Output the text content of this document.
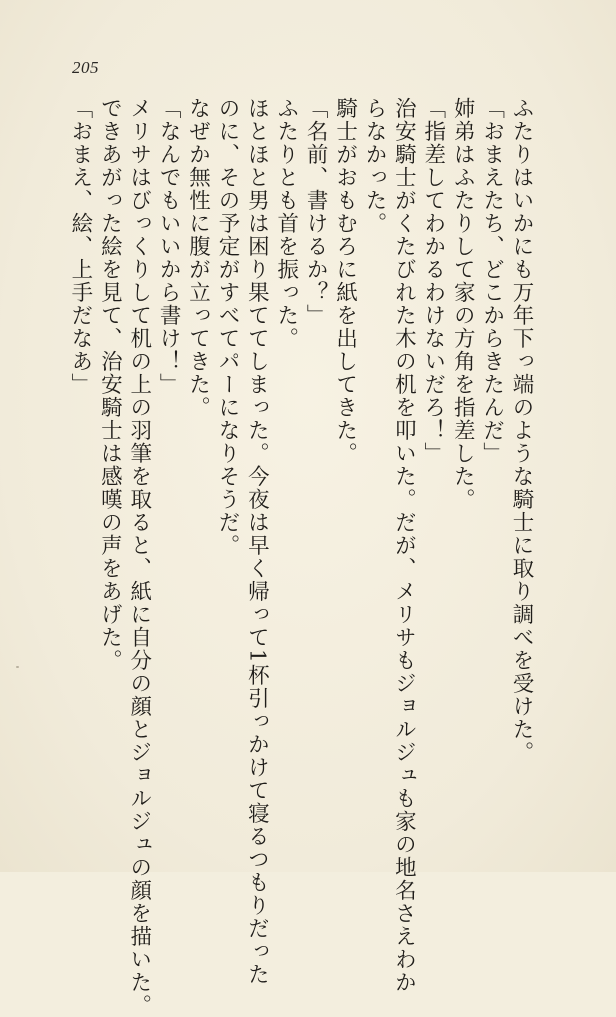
205
ふたりはいかにも万年下っ端のような騎士に取り調べを受けた。
「おまえたち、どこからきたんだ」
姉弟はふたりして家の方角を指差した。
「指差してわかるわけないだろ！」
治安騎士がくたびれた木の机を叩いた。だが、メリサもジョルジュも家の地名さえわか
らなかった。
騎士がおもむろに紙を出してきた。
「名前、書けるか？」
ふたりとも首を振った。
ほとほと男は困り果ててしまった。今夜は早く帰って1杯引っかけて寝るつもりだった
のに、その予定がすべてパーになりそうだ。
なぜか無性に腹が立ってきた。
「なんでもいいから書け！」
メリサはびっくりして机の上の羽筆を取ると、紙に自分の顔とジョルジュの顔を描いた。
できあがった絵を見て、治安騎士は感嘆の声をあげた。
「おまえ、絵、上手だなあ」
